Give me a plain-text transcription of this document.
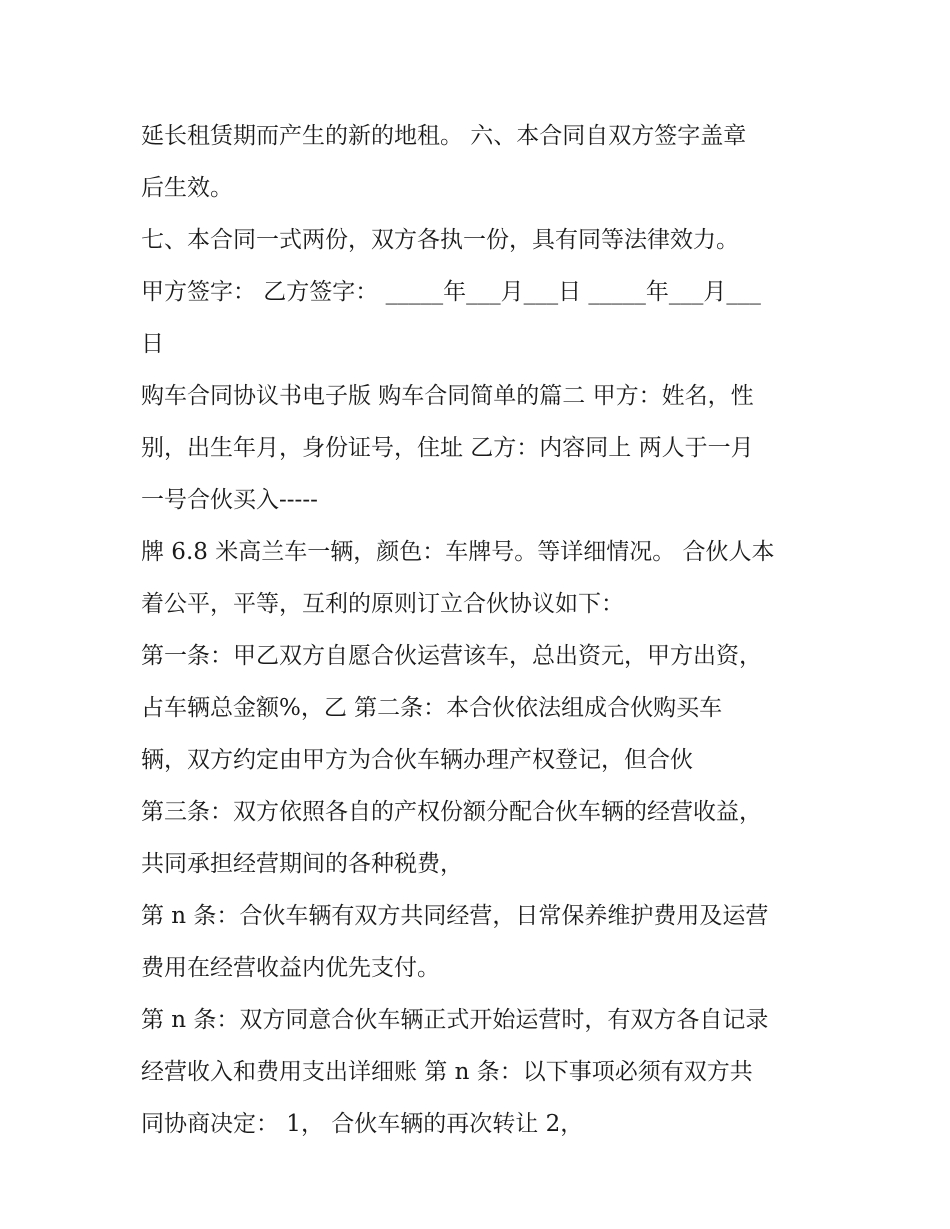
延长租赁期而产生的新的地租。 六、本合同自双方签字盖章
后生效。
七、本合同一式两份，双方各执一份，具有同等法律效力。
甲方签字： 乙方签字： _____年___月___日 _____年___月___
日
购车合同协议书电子版 购车合同简单的篇二 甲方：姓名，性
别，出生年月，身份证号，住址 乙方：内容同上 两人于一月
一号合伙买入-----
牌 6.8 米高兰车一辆，颜色：车牌号。等详细情况。 合伙人本
着公平，平等，互利的原则订立合伙协议如下：
第一条：甲乙双方自愿合伙运营该车，总出资元，甲方出资，
占车辆总金额%，乙 第二条：本合伙依法组成合伙购买车
辆，双方约定由甲方为合伙车辆办理产权登记，但合伙
第三条：双方依照各自的产权份额分配合伙车辆的经营收益，
共同承担经营期间的各种税费，
第 n 条：合伙车辆有双方共同经营，日常保养维护费用及运营
费用在经营收益内优先支付。
第 n 条：双方同意合伙车辆正式开始运营时，有双方各自记录
经营收入和费用支出详细账 第 n 条：以下事项必须有双方共
同协商决定： 1， 合伙车辆的再次转让 2，
